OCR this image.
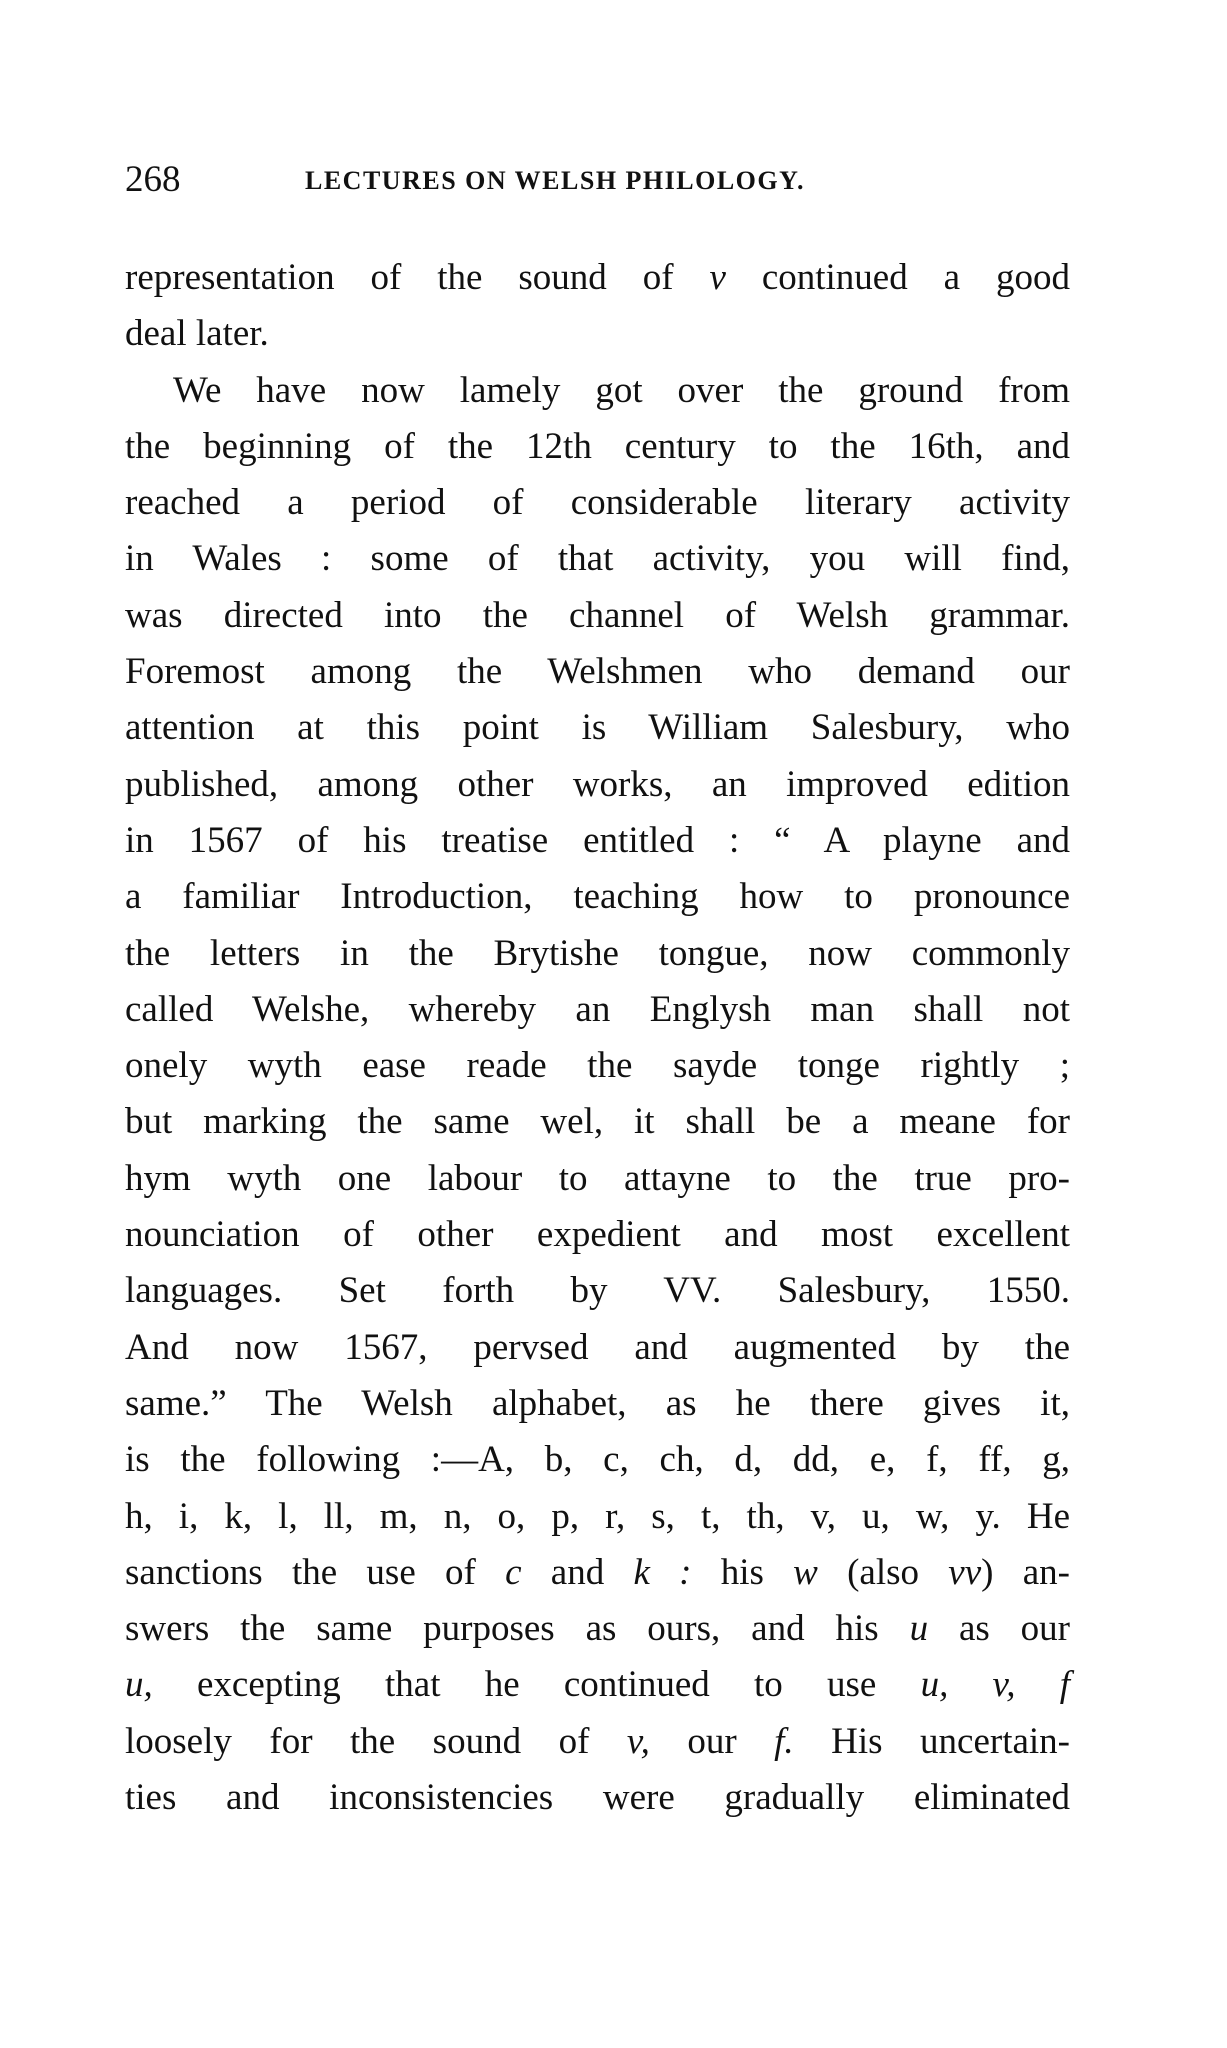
268	LECTURES ON WELSH PHILOLOGY.
representation of the sound of v continued a good
deal later.
We have now lamely got over the ground from
the beginning of the 12th century to the 16th, and
reached a period of considerable literary activity
in Wales : some of that activity, you will find,
was directed into the channel of Welsh grammar.
Foremost among the Welshmen who demand our
attention at this point is William Salesbury, who
published, among other works, an improved edition
in 1567 of his treatise entitled : “ A playne and
a familiar Introduction, teaching how to pronounce
the letters in the Brytishe tongue, now commonly
called Welshe, whereby an Englysh man shall not
onely wyth ease reade the sayde tonge rightly ;
but marking the same wel, it shall be a meane for
hym wyth one labour to attayne to the true pro-
nounciation of other expedient and most excellent
languages. Set forth by VV. Salesbury, 1550.
And now 1567, pervsed and augmented by the
same.” The Welsh alphabet, as he there gives it,
is the following :—A, b, c, ch, d, dd, e, f, ff, g,
h, i, k, l, ll, m, n, o, p, r, s, t, th, v, u, w, y. He
sanctions the use of c and k : his w (also vv) an-
swers the same purposes as ours, and his u as our
u, excepting that he continued to use u, v, f
loosely for the sound of v, our f. His uncertain-
ties and inconsistencies were gradually eliminated
